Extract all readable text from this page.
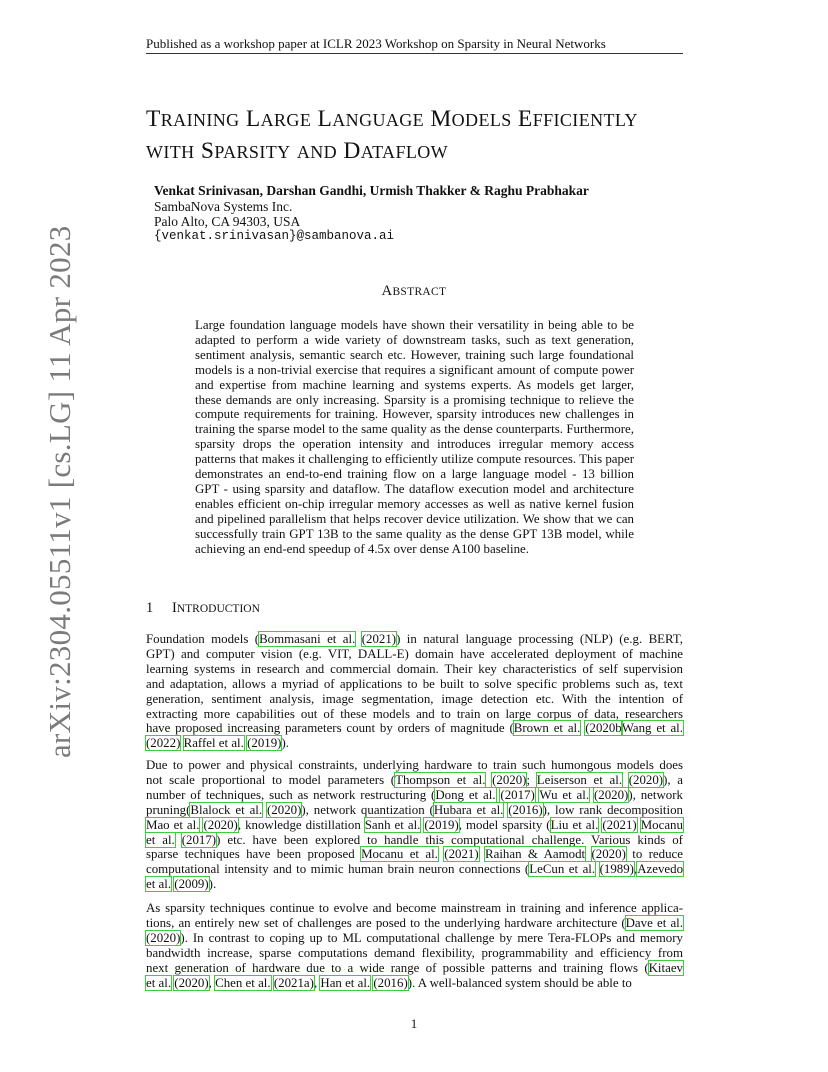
Published as a workshop paper at ICLR 2023 Workshop on Sparsity in Neural Networks
arXiv:2304.05511v1 [cs.LG] 11 Apr 2023
TRAINING LARGE LANGUAGE MODELS EFFICIENTLY
WITH SPARSITY AND DATAFLOW
Venkat Srinivasan, Darshan Gandhi, Urmish Thakker & Raghu Prabhakar
SambaNova Systems Inc.
Palo Alto, CA 94303, USA
{venkat.srinivasan}@sambanova.ai
ABSTRACT
Large foundation language models have shown their versatility in being able to be adapted to perform a wide variety of downstream tasks, such as text generation, sentiment analysis, semantic search etc. However, training such large foundational models is a non-trivial exercise that requires a significant amount of compute power and expertise from machine learning and systems experts. As models get larger, these demands are only increasing. Sparsity is a promising technique to relieve the compute requirements for training. However, sparsity introduces new challenges in training the sparse model to the same quality as the dense counterparts. Furthermore, sparsity drops the operation intensity and introduces irregular memory access patterns that makes it challenging to efficiently utilize compute resources. This paper demonstrates an end-to-end training flow on a large language model - 13 billion GPT - using sparsity and dataflow. The dataflow execution model and architecture enables efficient on-chip irregular memory accesses as well as native kernel fusion and pipelined parallelism that helps recover device utilization. We show that we can successfully train GPT 13B to the same quality as the dense GPT 13B model, while achieving an end-end speedup of 4.5x over dense A100 baseline.
1 INTRODUCTION
Foundation models (Bommasani et al. (2021)) in natural language processing (NLP) (e.g. BERT,
GPT) and computer vision (e.g. VIT, DALL-E) domain have accelerated deployment of machine
learning systems in research and commercial domain. Their key characteristics of self supervision
and adaptation, allows a myriad of applications to be built to solve specific problems such as, text
generation, sentiment analysis, image segmentation, image detection etc. With the intention of
extracting more capabilities out of these models and to train on large corpus of data, researchers
have proposed increasing parameters count by orders of magnitude (Brown et al. (2020bWang et al.
(2022) Raffel et al. (2019)).
Due to power and physical constraints, underlying hardware to train such humongous models does
not scale proportional to model parameters (Thompson et al. (2020); Leiserson et al. (2020)), a
number of techniques, such as network restructuring (Dong et al. (2017) Wu et al. (2020)), network
pruning(Blalock et al. (2020)), network quantization (Hubara et al. (2016)), low rank decomposition
Mao et al. (2020), knowledge distillation Sanh et al. (2019), model sparsity (Liu et al. (2021) Mocanu
et al. (2017)) etc. have been explored to handle this computational challenge. Various kinds of
sparse techniques have been proposed Mocanu et al. (2021) Raihan & Aamodt (2020) to reduce
computational intensity and to mimic human brain neuron connections (LeCun et al. (1989),Azevedo
et al. (2009)).
As sparsity techniques continue to evolve and become mainstream in training and inference applica-
tions, an entirely new set of challenges are posed to the underlying hardware architecture (Dave et al.
(2020)). In contrast to coping up to ML computational challenge by mere Tera-FLOPs and memory
bandwidth increase, sparse computations demand flexibility, programmability and efficiency from
next generation of hardware due to a wide range of possible patterns and training flows (Kitaev
et al. (2020), Chen et al. (2021a), Han et al. (2016)). A well-balanced system should be able to
1
